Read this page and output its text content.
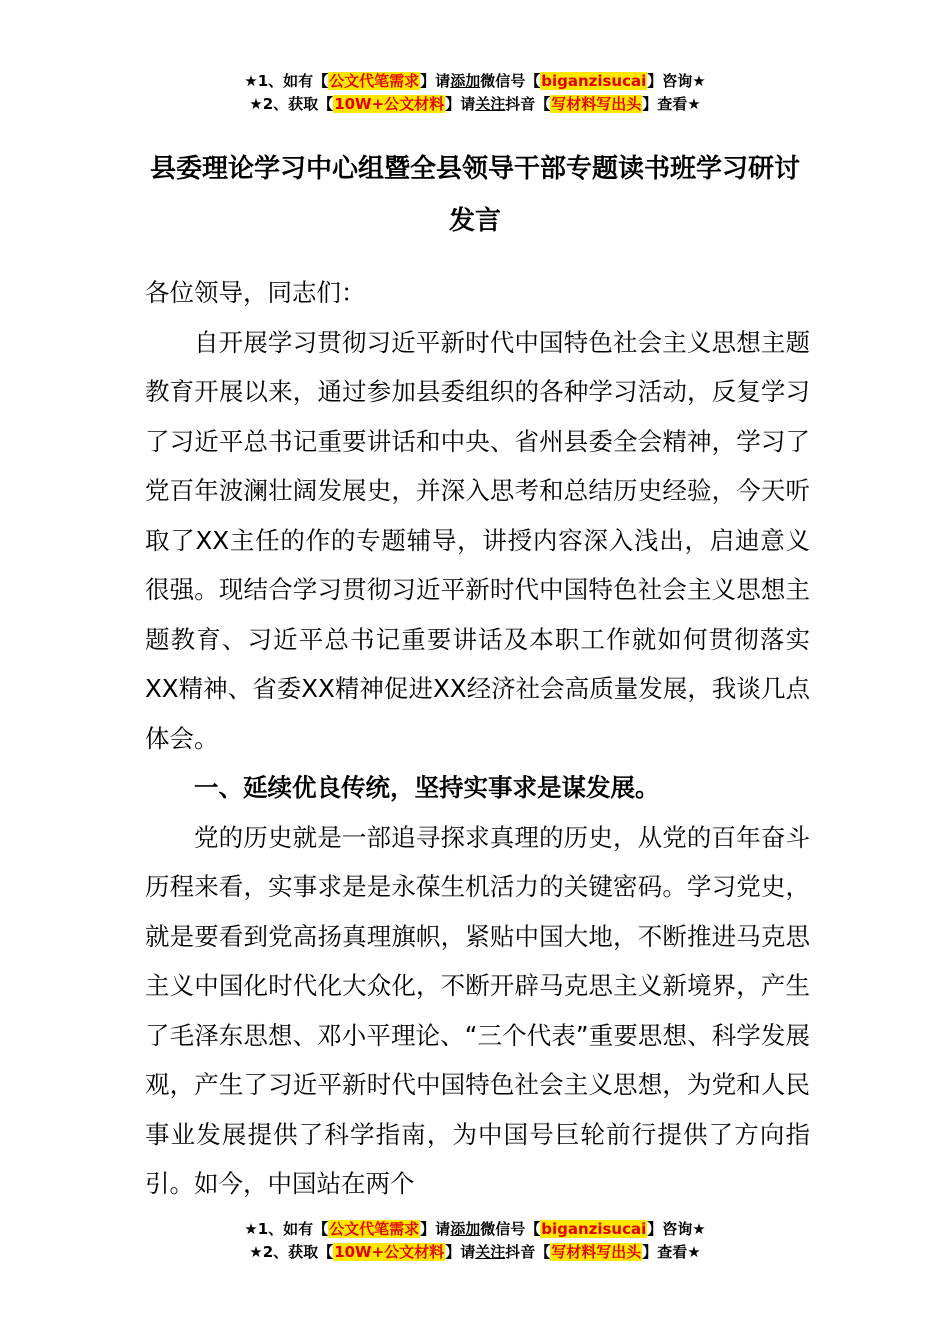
★1、如有【公文代笔需求】请添加微信号【biganzisucai】咨询★
★2、获取【10W+公文材料】请关注抖音【写材料写出头】查看★
县委理论学习中心组暨全县领导干部专题读书班学习研讨发言

各位领导，同志们：

自开展学习贯彻习近平新时代中国特色社会主义思想主题教育开展以来，通过参加县委组织的各种学习活动，反复学习了习近平总书记重要讲话和中央、省州县委全会精神，学习了党百年波澜壮阔发展史，并深入思考和总结历史经验，今天听取了XX主任的作的专题辅导，讲授内容深入浅出，启迪意义很强。现结合学习贯彻习近平新时代中国特色社会主义思想主题教育、习近平总书记重要讲话及本职工作就如何贯彻落实XX精神、省委XX精神促进XX经济社会高质量发展，我谈几点体会。

一、延续优良传统，坚持实事求是谋发展。

党的历史就是一部追寻探求真理的历史，从党的百年奋斗历程来看，实事求是是永葆生机活力的关键密码。学习党史，就是要看到党高扬真理旗帜，紧贴中国大地，不断推进马克思主义中国化时代化大众化，不断开辟马克思主义新境界，产生了毛泽东思想、邓小平理论、“三个代表”重要思想、科学发展观，产生了习近平新时代中国特色社会主义思想，为党和人民事业发展提供了科学指南，为中国号巨轮前行提供了方向指引。如今，中国站在两个

★1、如有【公文代笔需求】请添加微信号【biganzisucai】咨询★
★2、获取【10W+公文材料】请关注抖音【写材料写出头】查看★
